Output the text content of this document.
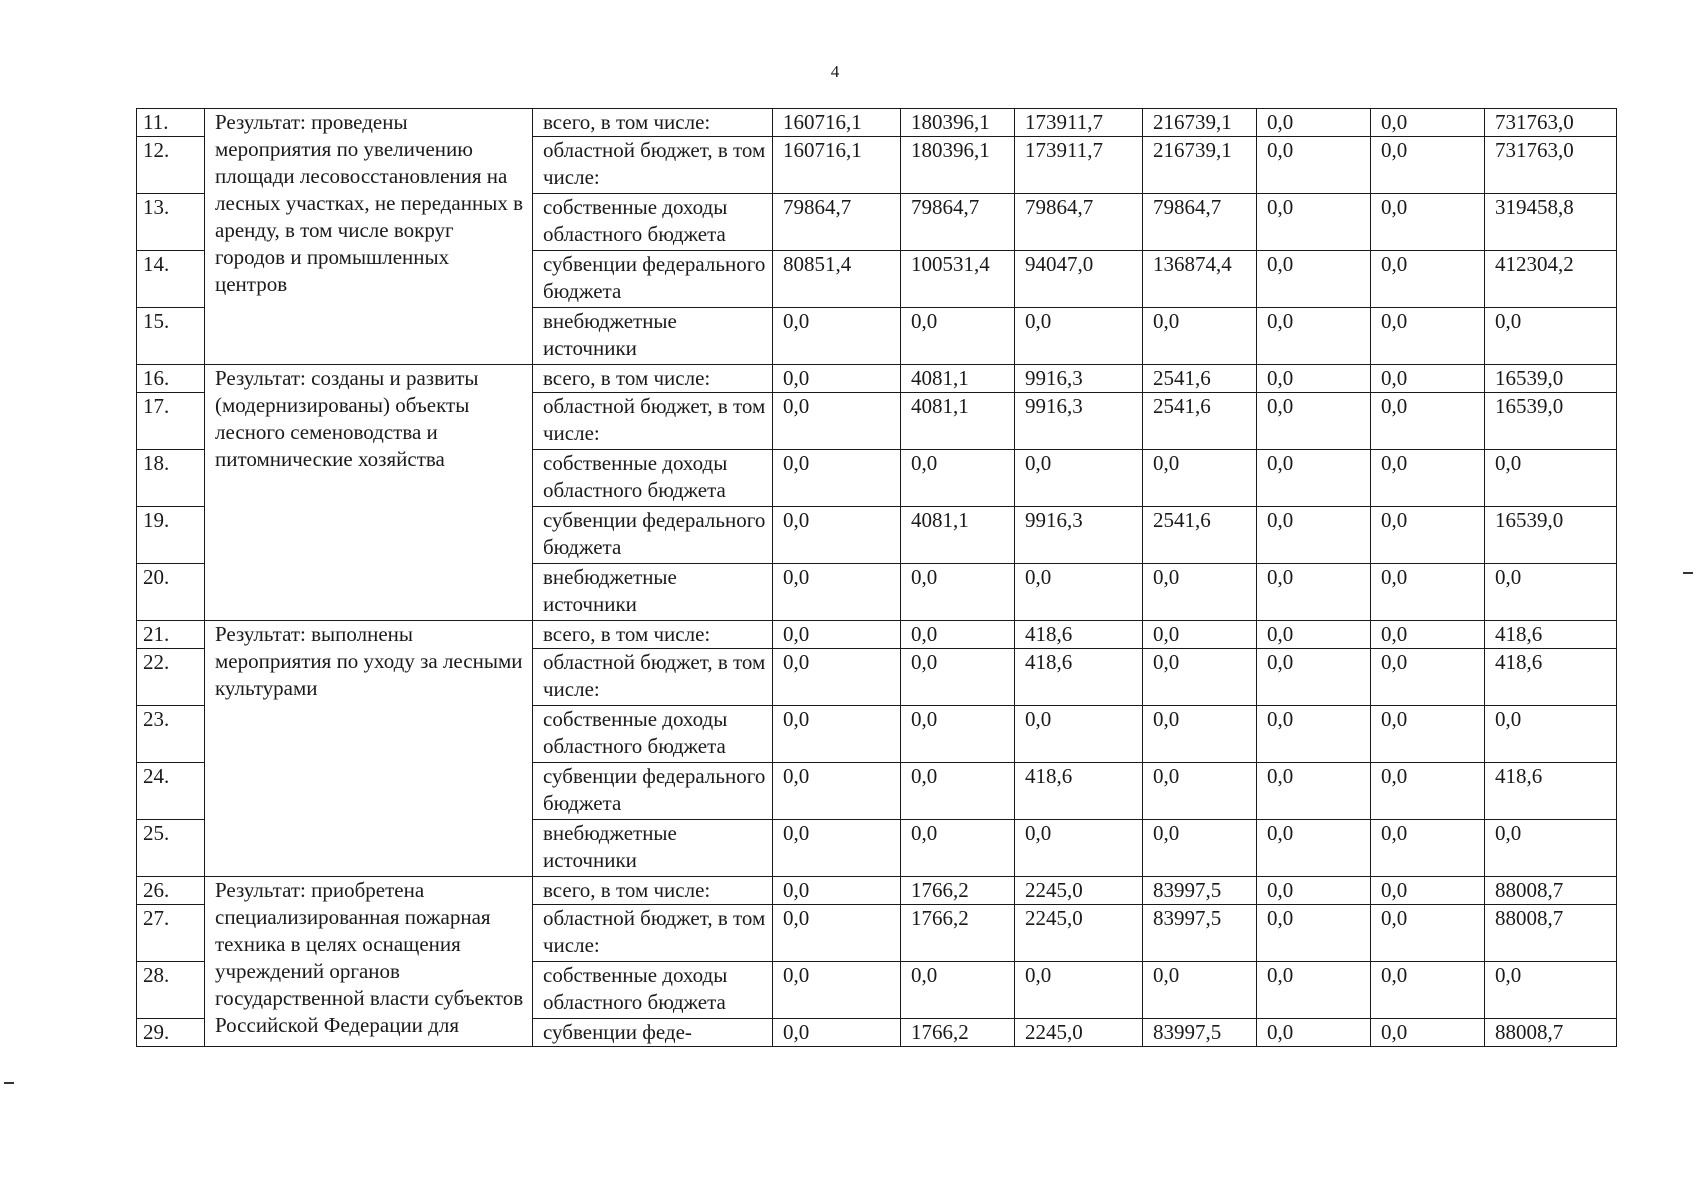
4
11.	Результат: проведены мероприятия по увеличению площади лесовосстановления на лесных участках, не переданных в аренду, в том числе вокруг городов и промышленных центров	всего, в том числе:	160716,1	180396,1	173911,7	216739,1	0,0	0,0	731763,0
12.		областной бюджет, в том числе:	160716,1	180396,1	173911,7	216739,1	0,0	0,0	731763,0
13.		собственные доходы областного бюджета	79864,7	79864,7	79864,7	79864,7	0,0	0,0	319458,8
14.		субвенции федерального бюджета	80851,4	100531,4	94047,0	136874,4	0,0	0,0	412304,2
15.		внебюджетные источники	0,0	0,0	0,0	0,0	0,0	0,0	0,0
16.	Результат: созданы и развиты (модернизированы) объекты лесного семеноводства и питомнические хозяйства	всего, в том числе:	0,0	4081,1	9916,3	2541,6	0,0	0,0	16539,0
17.		областной бюджет, в том числе:	0,0	4081,1	9916,3	2541,6	0,0	0,0	16539,0
18.		собственные доходы областного бюджета	0,0	0,0	0,0	0,0	0,0	0,0	0,0
19.		субвенции федерального бюджета	0,0	4081,1	9916,3	2541,6	0,0	0,0	16539,0
20.		внебюджетные источники	0,0	0,0	0,0	0,0	0,0	0,0	0,0
21.	Результат: выполнены мероприятия по уходу за лесными культурами	всего, в том числе:	0,0	0,0	418,6	0,0	0,0	0,0	418,6
22.		областной бюджет, в том числе:	0,0	0,0	418,6	0,0	0,0	0,0	418,6
23.		собственные доходы областного бюджета	0,0	0,0	0,0	0,0	0,0	0,0	0,0
24.		субвенции федерального бюджета	0,0	0,0	418,6	0,0	0,0	0,0	418,6
25.		внебюджетные источники	0,0	0,0	0,0	0,0	0,0	0,0	0,0
26.	Результат: приобретена специализированная пожарная техника в целях оснащения учреждений органов государственной власти субъектов Российской Федерации для	всего, в том числе:	0,0	1766,2	2245,0	83997,5	0,0	0,0	88008,7
27.		областной бюджет, в том числе:	0,0	1766,2	2245,0	83997,5	0,0	0,0	88008,7
28.		собственные доходы областного бюджета	0,0	0,0	0,0	0,0	0,0	0,0	0,0
29.		субвенции феде-	0,0	1766,2	2245,0	83997,5	0,0	0,0	88008,7
